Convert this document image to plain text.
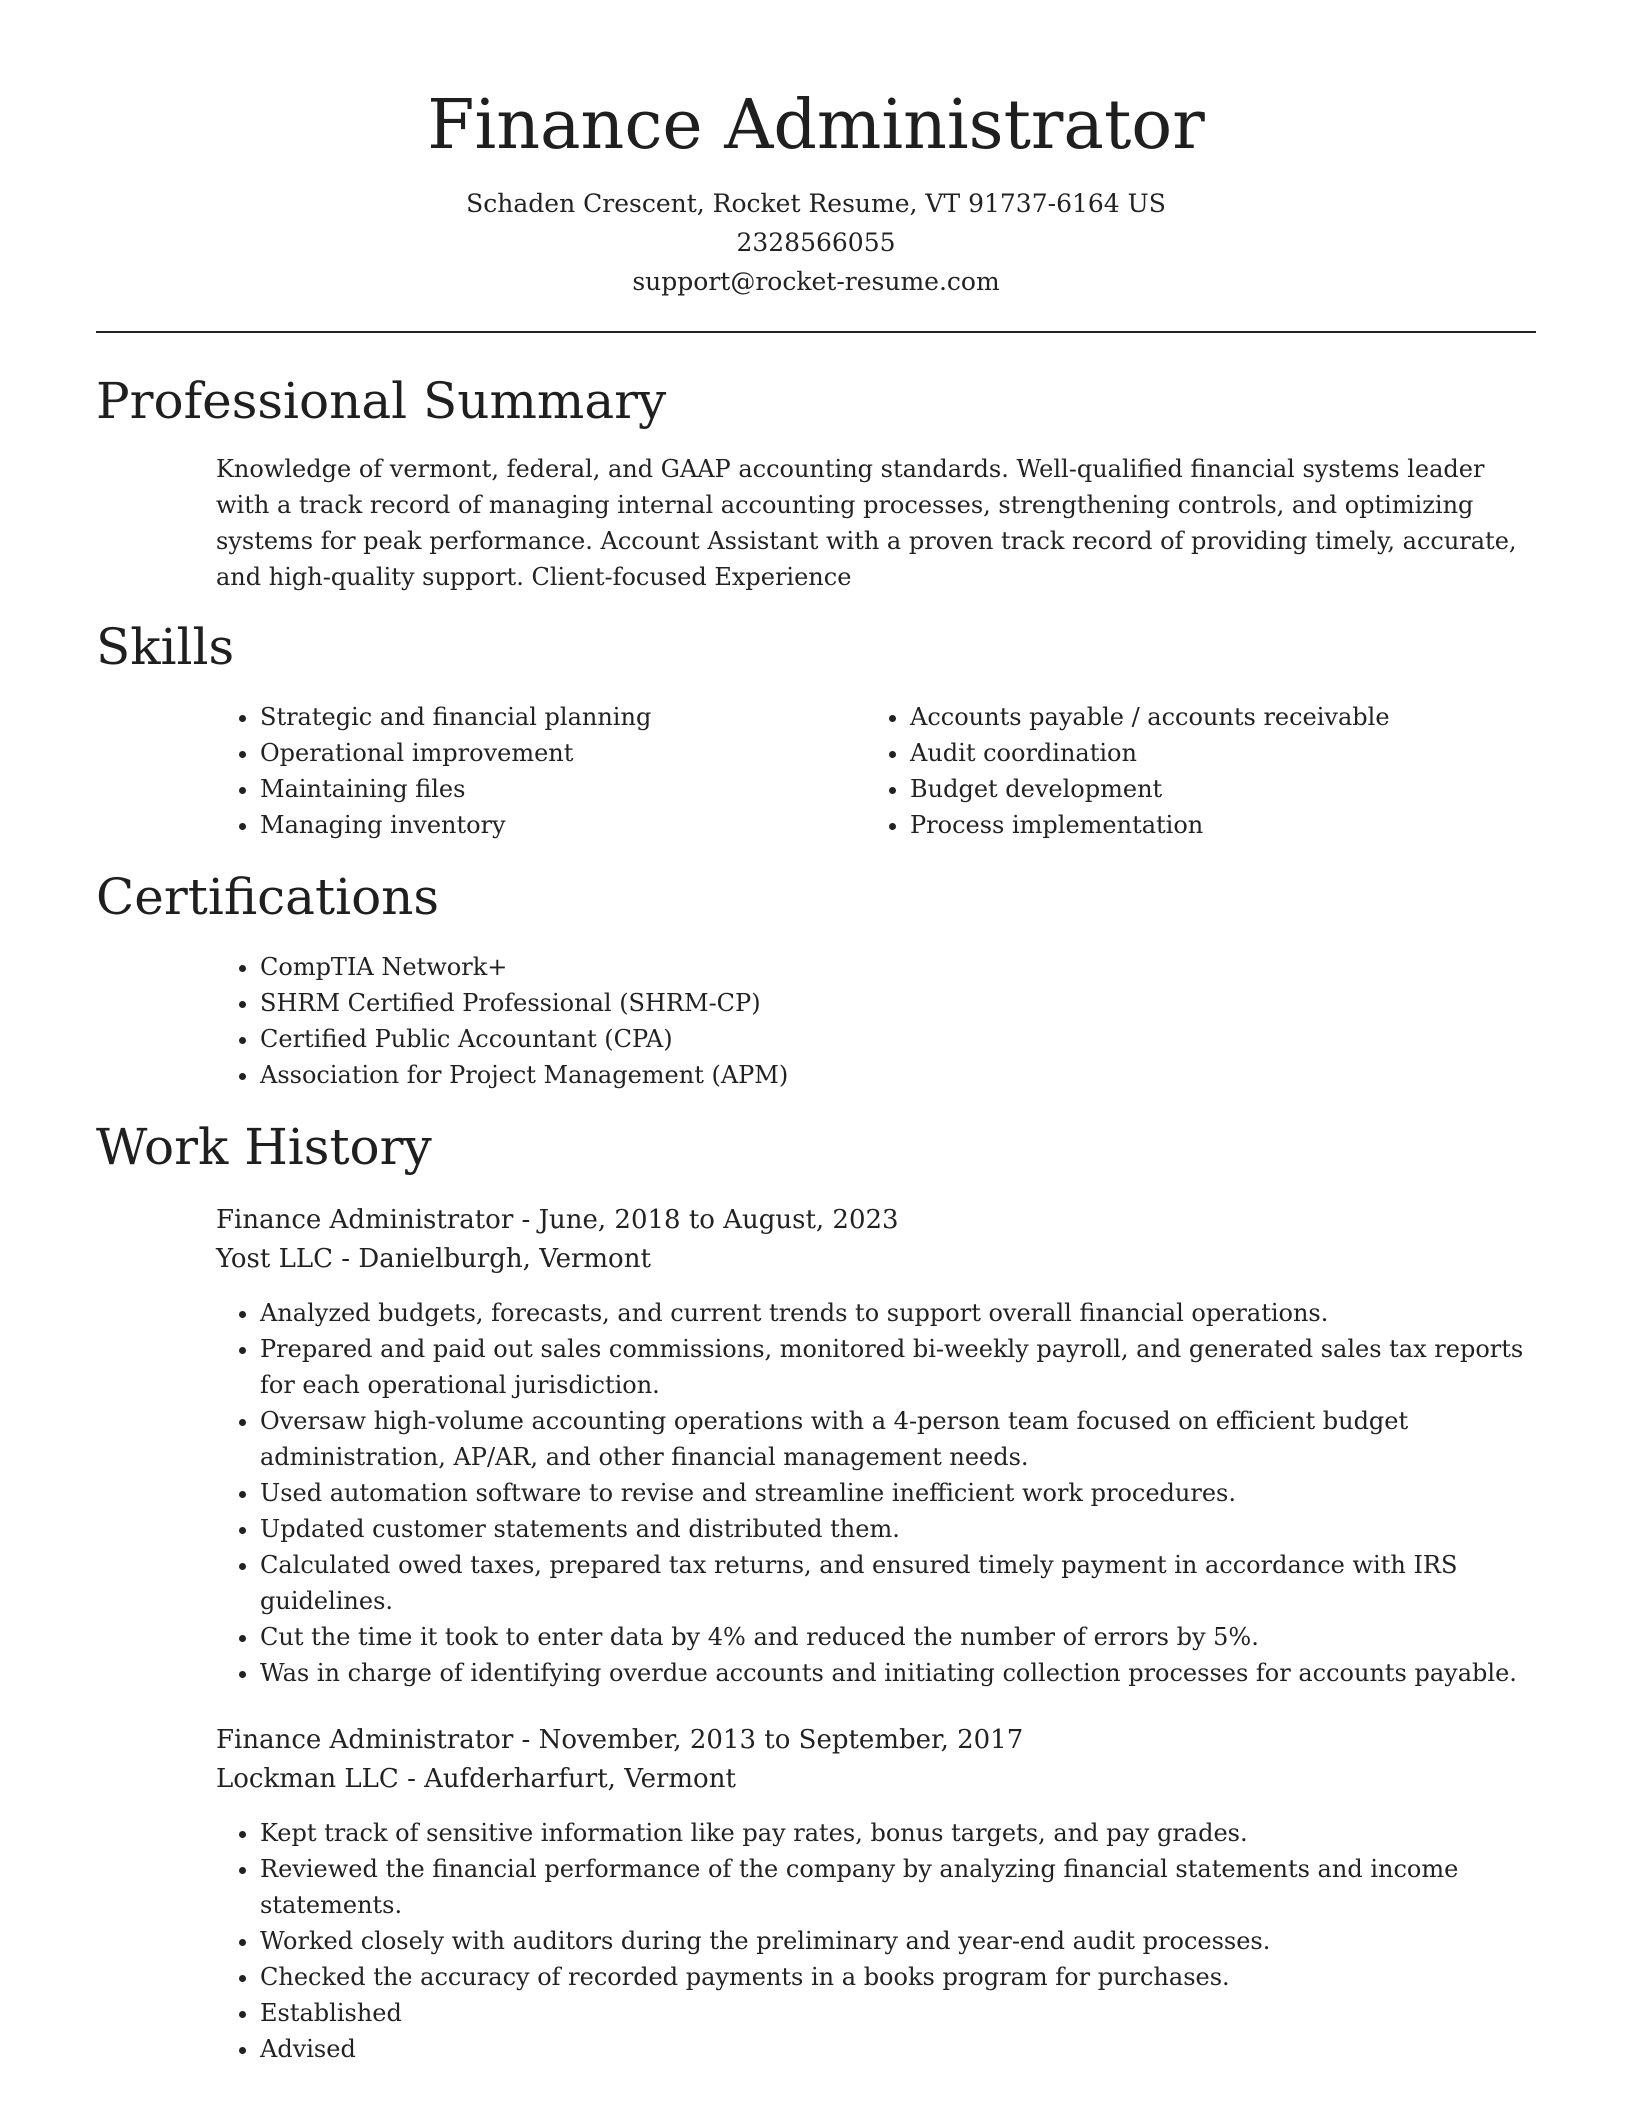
Finance Administrator

Schaden Crescent, Rocket Resume, VT 91737-6164 US

2328566055

support@rocket-resume.com

Professional Summary

Knowledge of vermont, federal, and GAAP accounting standards. Well-qualified financial systems leader with a track record of managing internal accounting processes, strengthening controls, and optimizing systems for peak performance. Account Assistant with a proven track record of providing timely, accurate, and high-quality support. Client-focused Experience

Skills
• Strategic and financial planning
• Operational improvement
• Maintaining files
• Managing inventory
• Accounts payable / accounts receivable
• Audit coordination
• Budget development
• Process implementation
Certifications
• CompTIA Network+
• SHRM Certified Professional (SHRM-CP)
• Certified Public Accountant (CPA)
• Association for Project Management (APM)
Work History

Finance Administrator - June, 2018 to August, 2023

Yost LLC - Danielburgh, Vermont

• Analyzed budgets, forecasts, and current trends to support overall financial operations.
• Prepared and paid out sales commissions, monitored bi-weekly payroll, and generated sales tax reports for each operational jurisdiction.
• Oversaw high-volume accounting operations with a 4-person team focused on efficient budget administration, AP/AR, and other financial management needs.
• Used automation software to revise and streamline inefficient work procedures.
• Updated customer statements and distributed them.
• Calculated owed taxes, prepared tax returns, and ensured timely payment in accordance with IRS guidelines.
• Cut the time it took to enter data by 4% and reduced the number of errors by 5%.
• Was in charge of identifying overdue accounts and initiating collection processes for accounts payable.

Finance Administrator - November, 2013 to September, 2017

Lockman LLC - Aufderharfurt, Vermont

• Kept track of sensitive information like pay rates, bonus targets, and pay grades.
• Reviewed the financial performance of the company by analyzing financial statements and income statements.
• Worked closely with auditors during the preliminary and year-end audit processes.
• Checked the accuracy of recorded payments in a books program for purchases.
• Established
• Advised
